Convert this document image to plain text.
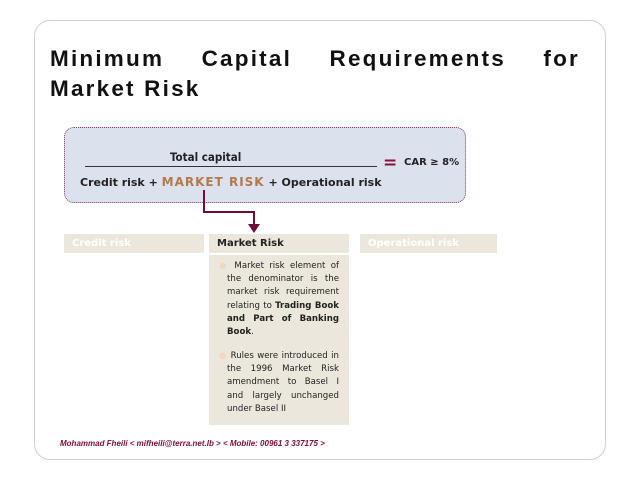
Minimum Capital Requirements for
Market Risk
Total capital	= CAR ≥ 8%
Credit risk + MARKET RISK + Operational risk
Credit risk	Market Risk	Operational risk
● Market risk element of the denominator is the market risk requirement relating to Trading Book and Part of Banking Book.
● Rules were introduced in the 1996 Market Risk amendment to Basel I and largely unchanged under Basel II
Mohammad Fheili < mifheili@terra.net.lb > < Mobile: 00961 3 337175 >
